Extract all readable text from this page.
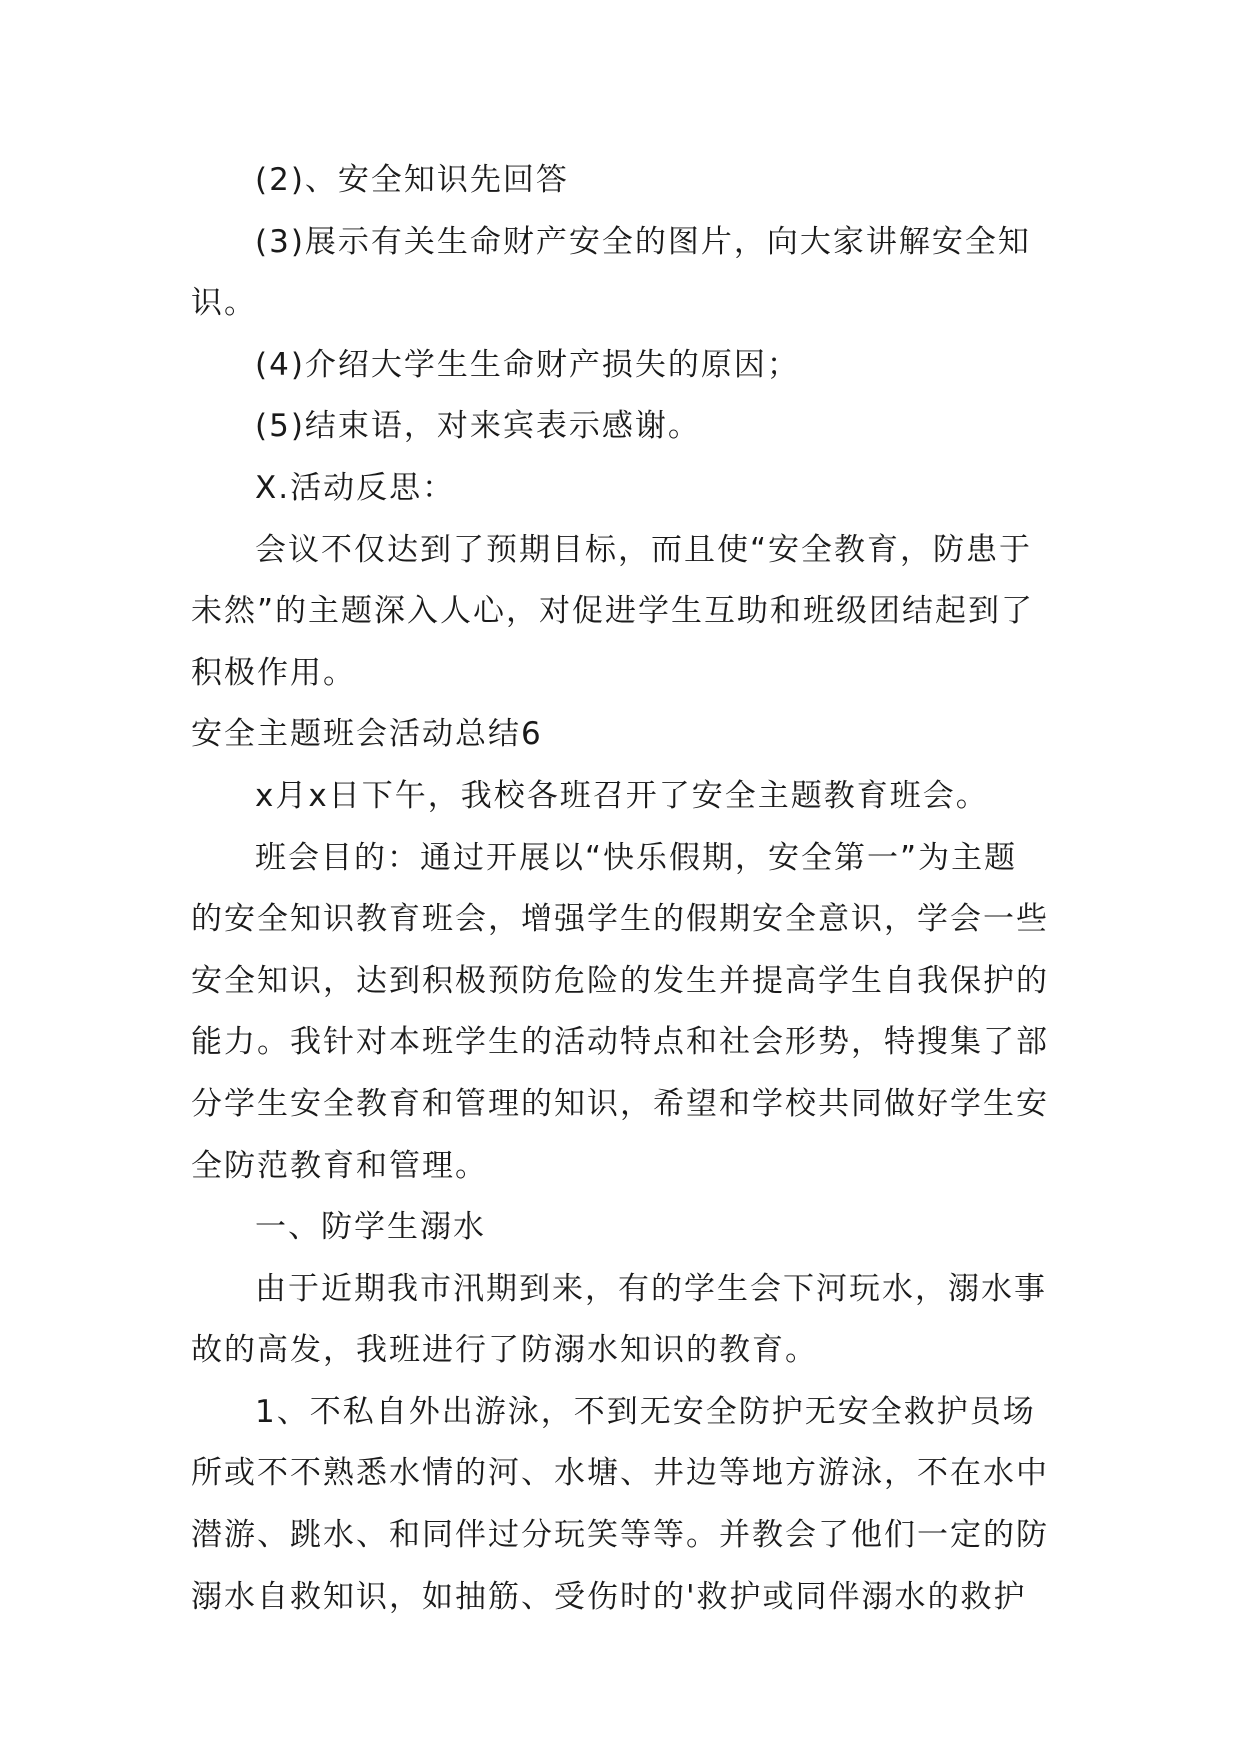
(2)、安全知识先回答
(3)展示有关生命财产安全的图片，向大家讲解安全知
识。
(4)介绍大学生生命财产损失的原因；
(5)结束语，对来宾表示感谢。
X.活动反思：
会议不仅达到了预期目标，而且使“安全教育，防患于
未然”的主题深入人心，对促进学生互助和班级团结起到了
积极作用。
安全主题班会活动总结6
x月x日下午，我校各班召开了安全主题教育班会。
班会目的：通过开展以“快乐假期，安全第一”为主题
的安全知识教育班会，增强学生的假期安全意识，学会一些
安全知识，达到积极预防危险的发生并提高学生自我保护的
能力。我针对本班学生的活动特点和社会形势，特搜集了部
分学生安全教育和管理的知识，希望和学校共同做好学生安
全防范教育和管理。
一、防学生溺水
由于近期我市汛期到来，有的学生会下河玩水，溺水事
故的高发，我班进行了防溺水知识的教育。
1、不私自外出游泳，不到无安全防护无安全救护员场
所或不不熟悉水情的河、水塘、井边等地方游泳，不在水中
潜游、跳水、和同伴过分玩笑等等。并教会了他们一定的防
溺水自救知识，如抽筋、受伤时的'救护或同伴溺水的救护
